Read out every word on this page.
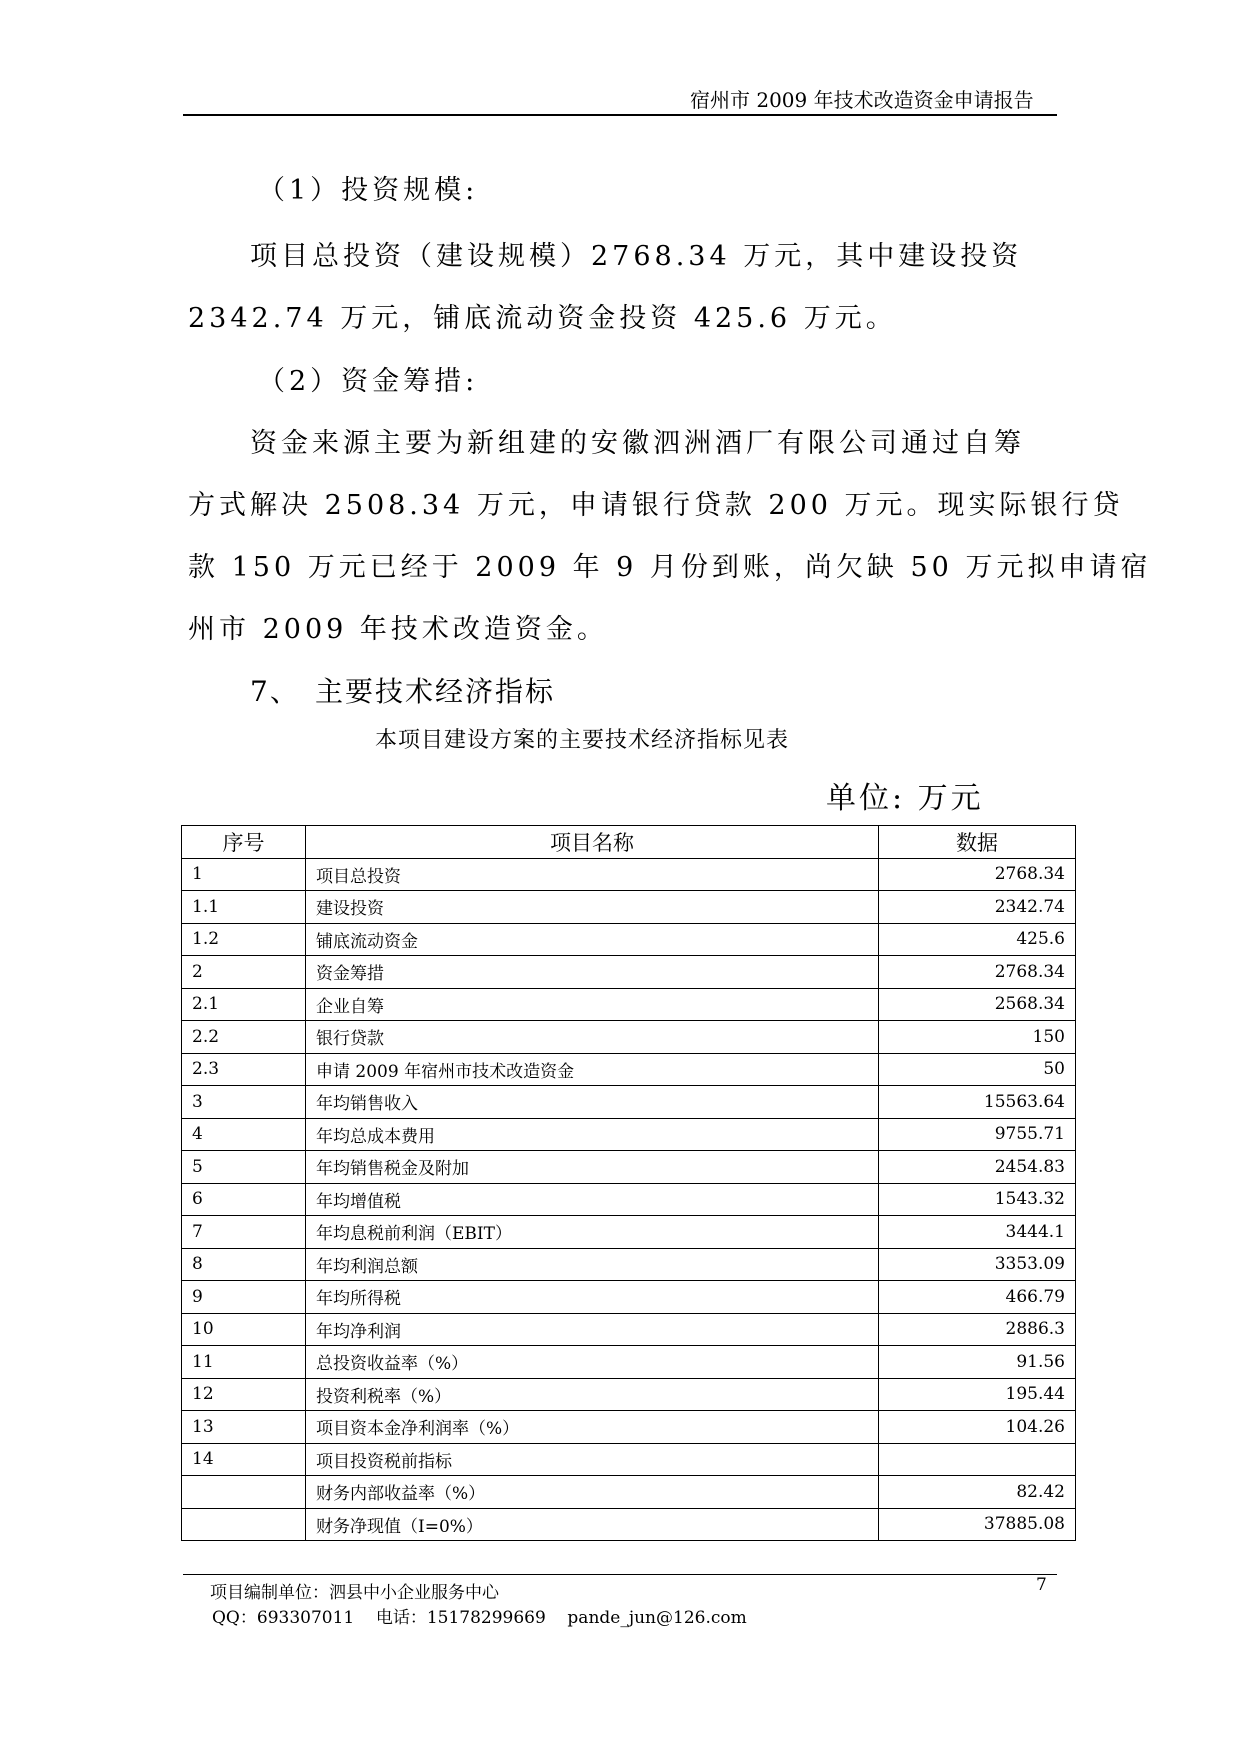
宿州市 2009 年技术改造资金申请报告
（1）投资规模:
项目总投资（建设规模）2768.34 万元，其中建设投资
2342.74 万元，铺底流动资金投资 425.6 万元。
（2）资金筹措:
资金来源主要为新组建的安徽泗洲酒厂有限公司通过自筹
方式解决 2508.34 万元，申请银行贷款 200 万元。现实际银行贷
款 150 万元已经于 2009 年 9 月份到账，尚欠缺 50 万元拟申请宿
州市 2009 年技术改造资金。
7、 主要技术经济指标
本项目建设方案的主要技术经济指标见表
单位: 万元
序号	项目名称	数据
1	项目总投资	2768.34
1.1	建设投资	2342.74
1.2	铺底流动资金	425.6
2	资金筹措	2768.34
2.1	企业自筹	2568.34
2.2	银行贷款	150
2.3	申请 2009 年宿州市技术改造资金	50
3	年均销售收入	15563.64
4	年均总成本费用	9755.71
5	年均销售税金及附加	2454.83
6	年均增值税	1543.32
7	年均息税前利润（EBIT）	3444.1
8	年均利润总额	3353.09
9	年均所得税	466.79
10	年均净利润	2886.3
11	总投资收益率（%）	91.56
12	投资利税率（%）	195.44
13	项目资本金净利润率（%）	104.26
14	项目投资税前指标	
	财务内部收益率（%）	82.42
	财务净现值（I=0%）	37885.08
项目编制单位：泗县中小企业服务中心	7
QQ：693307011    电话：15178299669    pande_jun@126.com
